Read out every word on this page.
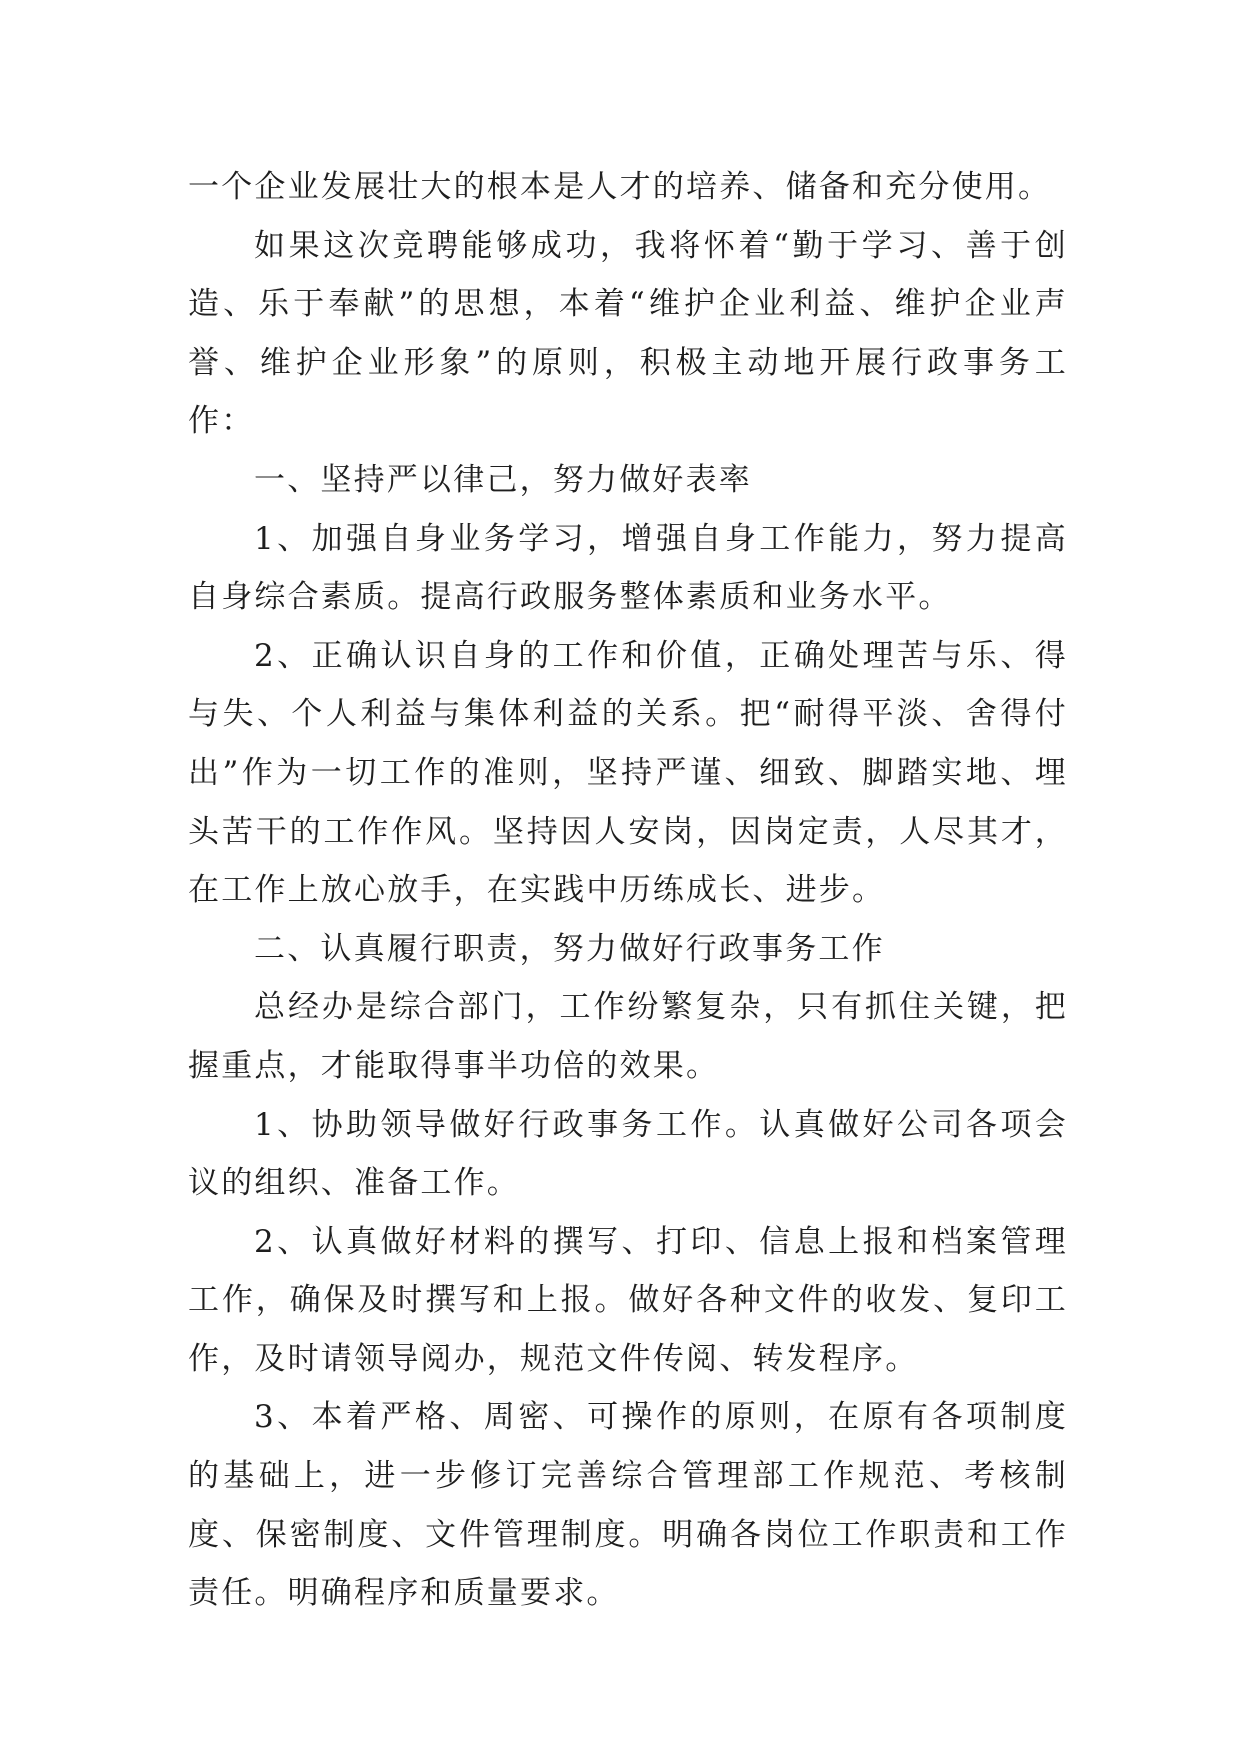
一个企业发展壮大的根本是人才的培养、储备和充分使用。

如果这次竞聘能够成功，我将怀着“勤于学习、善于创造、乐于奉献”的思想，本着“维护企业利益、维护企业声誉、维护企业形象”的原则，积极主动地开展行政事务工作：

一、坚持严以律己，努力做好表率

1、加强自身业务学习，增强自身工作能力，努力提高自身综合素质。提高行政服务整体素质和业务水平。

2、正确认识自身的工作和价值，正确处理苦与乐、得与失、个人利益与集体利益的关系。把“耐得平淡、舍得付出”作为一切工作的准则，坚持严谨、细致、脚踏实地、埋头苦干的工作作风。坚持因人安岗，因岗定责，人尽其才，在工作上放心放手，在实践中历练成长、进步。

二、认真履行职责，努力做好行政事务工作

总经办是综合部门，工作纷繁复杂，只有抓住关键，把握重点，才能取得事半功倍的效果。

1、协助领导做好行政事务工作。认真做好公司各项会议的组织、准备工作。

2、认真做好材料的撰写、打印、信息上报和档案管理工作，确保及时撰写和上报。做好各种文件的收发、复印工作，及时请领导阅办，规范文件传阅、转发程序。

3、本着严格、周密、可操作的原则，在原有各项制度的基础上，进一步修订完善综合管理部工作规范、考核制度、保密制度、文件管理制度。明确各岗位工作职责和工作责任。明确程序和质量要求。
